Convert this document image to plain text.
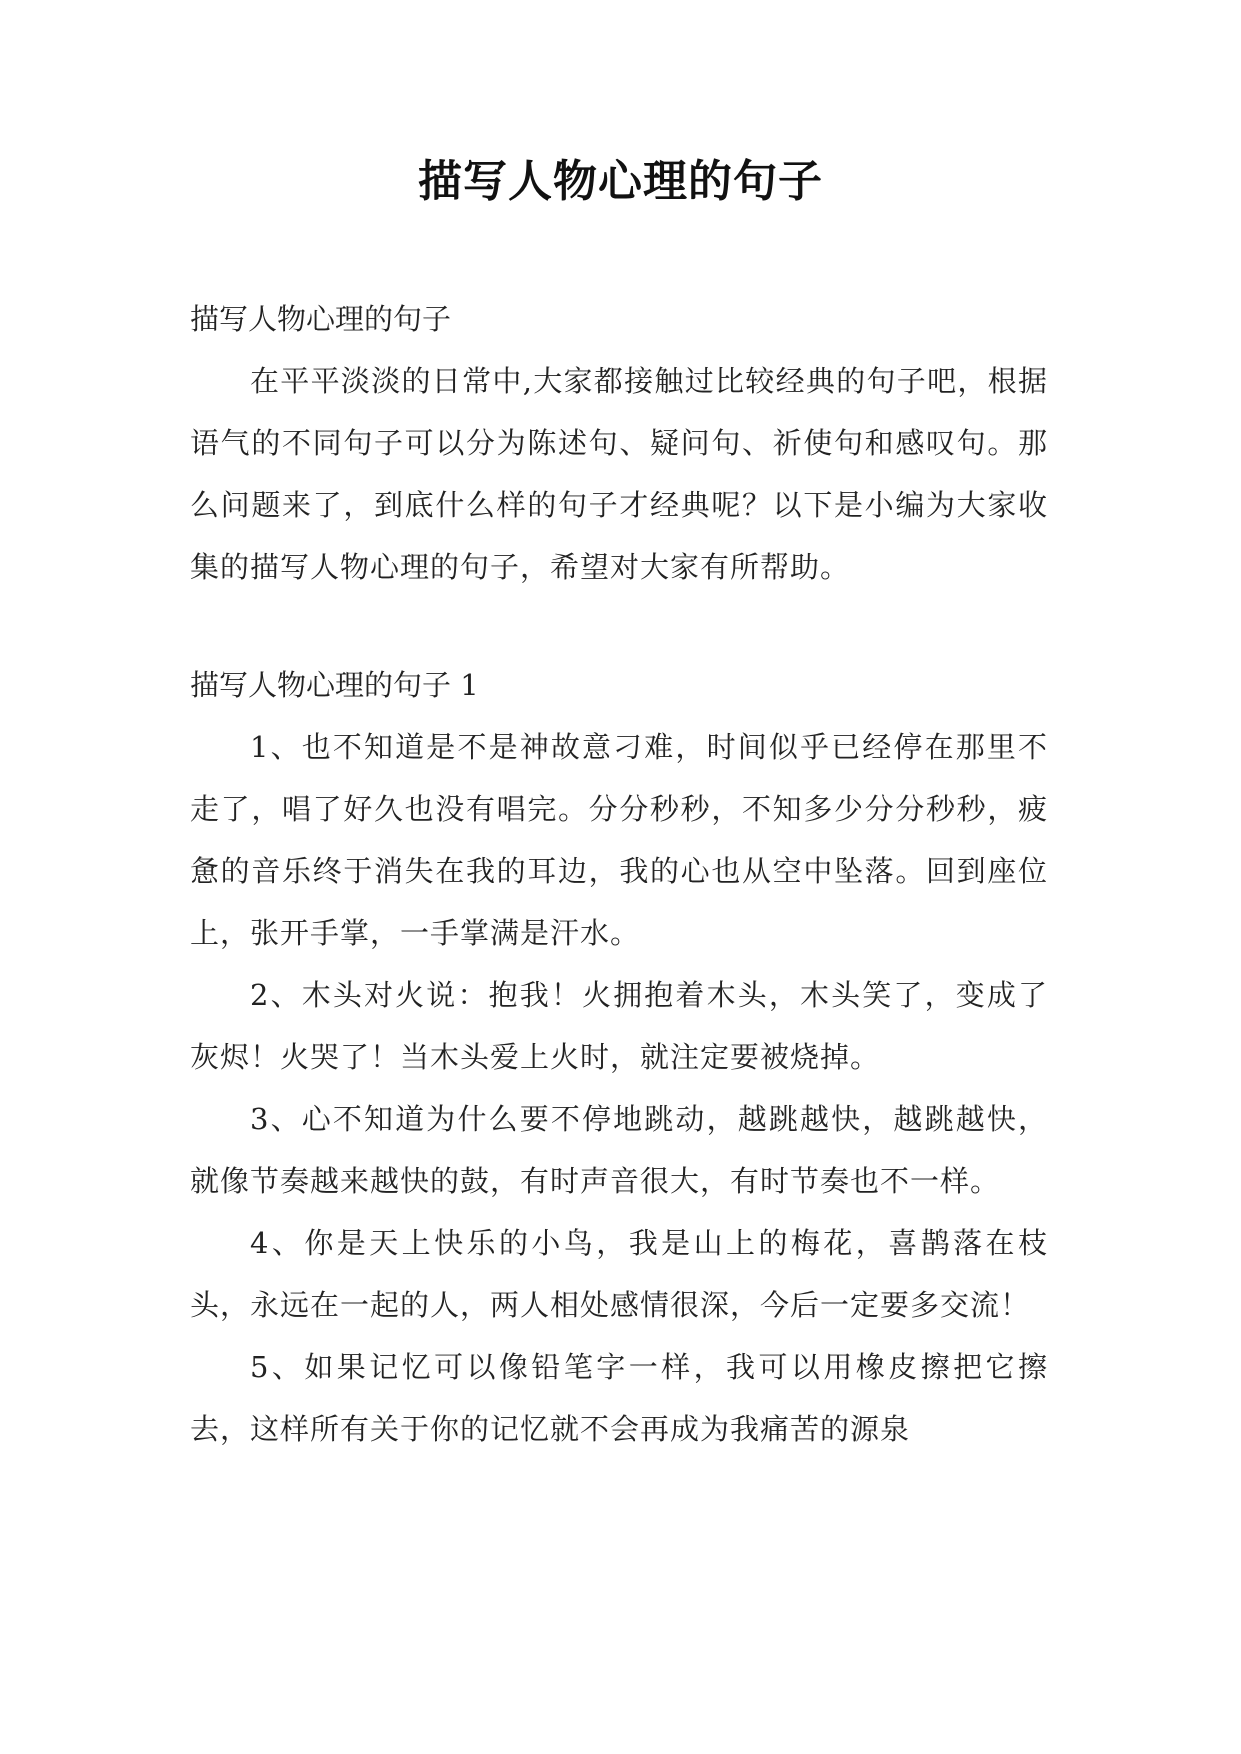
描写人物心理的句子

描写人物心理的句子

在平平淡淡的日常中,大家都接触过比较经典的句子吧，根据语气的不同句子可以分为陈述句、疑问句、祈使句和感叹句。那么问题来了，到底什么样的句子才经典呢？以下是小编为大家收集的描写人物心理的句子，希望对大家有所帮助。

描写人物心理的句子 1

1、也不知道是不是神故意刁难，时间似乎已经停在那里不走了，唱了好久也没有唱完。分分秒秒，不知多少分分秒秒，疲惫的音乐终于消失在我的耳边，我的心也从空中坠落。回到座位上，张开手掌，一手掌满是汗水。

2、木头对火说：抱我！火拥抱着木头，木头笑了，变成了灰烬！火哭了！当木头爱上火时，就注定要被烧掉。

3、心不知道为什么要不停地跳动，越跳越快，越跳越快，就像节奏越来越快的鼓，有时声音很大，有时节奏也不一样。

4、你是天上快乐的小鸟，我是山上的梅花，喜鹊落在枝头，永远在一起的人，两人相处感情很深，今后一定要多交流！

5、如果记忆可以像铅笔字一样，我可以用橡皮擦把它擦去，这样所有关于你的记忆就不会再成为我痛苦的源泉
